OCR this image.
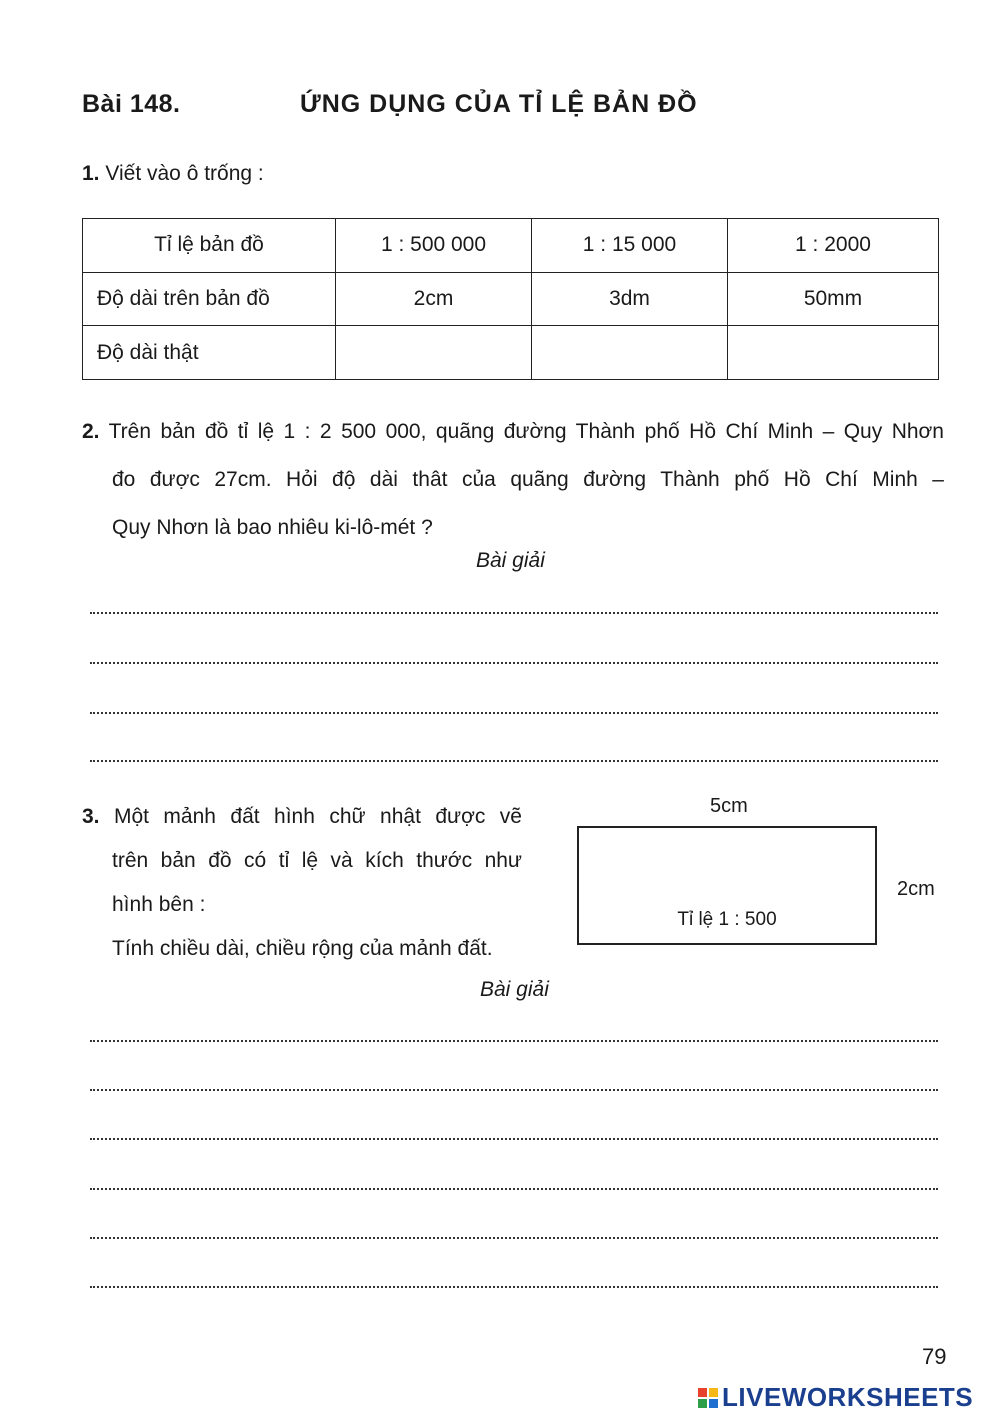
Bài 148.	ỨNG DỤNG CỦA TỈ LỆ BẢN ĐỒ
1. Viết vào ô trống :
Tỉ lệ bản đồ	1 : 500 000	1 : 15 000	1 : 2000
Độ dài trên bản đồ	2cm	3dm	50mm
Độ dài thật			
2. Trên bản đồ tỉ lệ 1 : 2 500 000, quãng đường Thành phố Hồ Chí Minh – Quy Nhơn
đo được 27cm. Hỏi độ dài thât của quãng đường Thành phố Hồ Chí Minh –
Quy Nhơn là bao nhiêu ki-lô-mét ?
Bài giải
3. Một mảnh đất hình chữ nhật được vẽ
trên bản đồ có tỉ lệ và kích thước như
hình bên :
Tính chiều dài, chiều rộng của mảnh đất.
5cm
Tỉ lệ 1 : 500
2cm
Bài giải
79
LIVEWORKSHEETS
